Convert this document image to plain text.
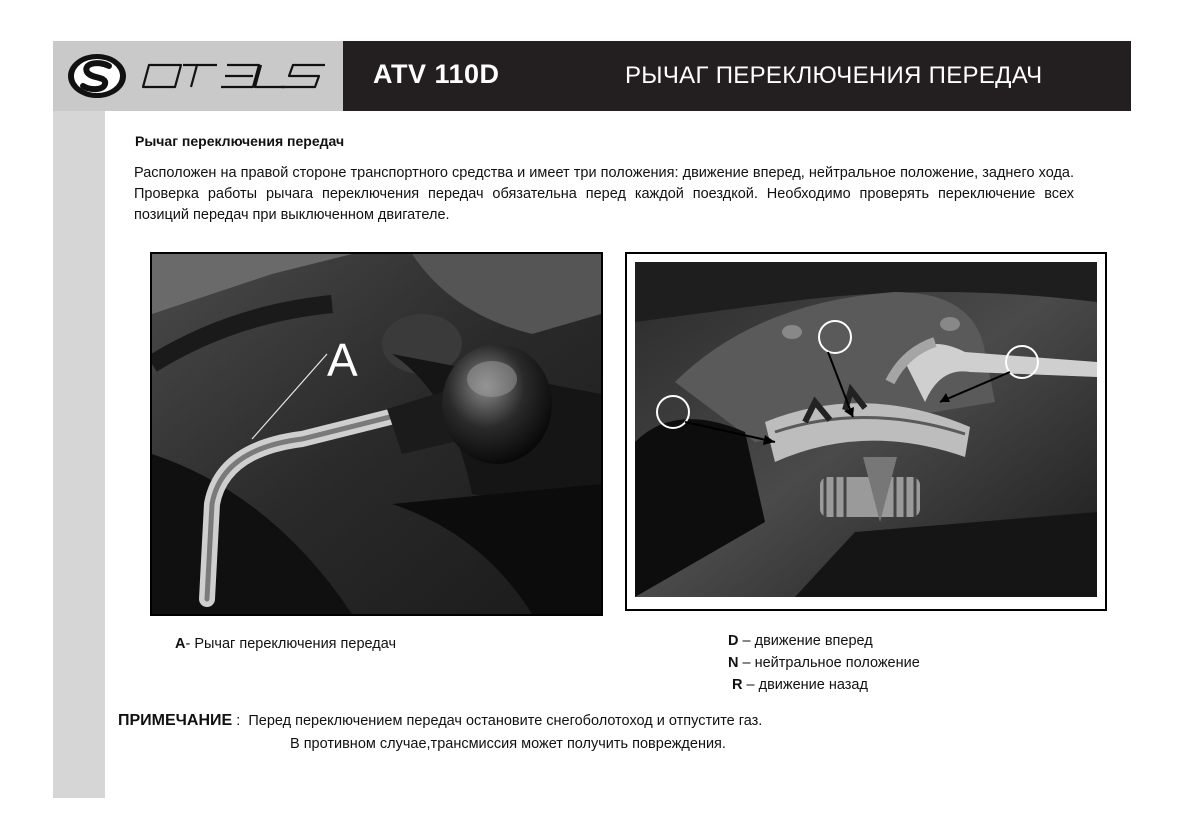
ATV 110D	РЫЧАГ ПЕРЕКЛЮЧЕНИЯ ПЕРЕДАЧ
Рычаг переключения передач
Расположен на правой стороне транспортного средства и имеет три положения: движение вперед, нейтральное положение, заднего хода. Проверка работы рычага переключения передач обязательна перед каждой поездкой. Необходимо проверять переключение всех позиций передач при выключенном двигателе.
A
A- Рычаг переключения передач	D – движение вперед
N – нейтральное положение
R – движение назад
ПРИМЕЧАНИЕ :  Перед переключением передач остановите снегоболотоход и отпустите газ.
В противном случае,трансмиссия может получить повреждения.
